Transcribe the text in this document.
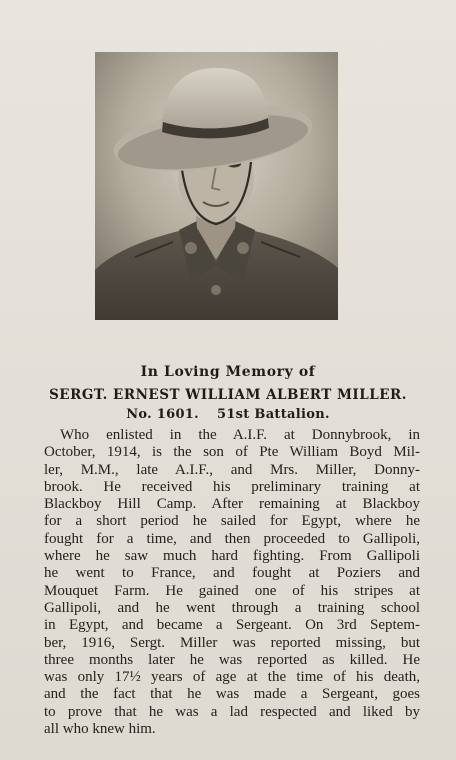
In Loving Memory of
SERGT. ERNEST WILLIAM ALBERT MILLER.
No. 1601. 51st Battalion.
Who enlisted in the A.I.F. at Donnybrook, in
October, 1914, is the son of Pte William Boyd Mil-
ler, M.M., late A.I.F., and Mrs. Miller, Donny-
brook. He received his preliminary training at
Blackboy Hill Camp. After remaining at Blackboy
for a short period he sailed for Egypt, where he
fought for a time, and then proceeded to Gallipoli,
where he saw much hard fighting. From Gallipoli
he went to France, and fought at Poziers and
Mouquet Farm. He gained one of his stripes at
Gallipoli, and he went through a training school
in Egypt, and became a Sergeant. On 3rd Septem-
ber, 1916, Sergt. Miller was reported missing, but
three months later he was reported as killed. He
was only 17½ years of age at the time of his death,
and the fact that he was made a Sergeant, goes
to prove that he was a lad respected and liked by
all who knew him.
